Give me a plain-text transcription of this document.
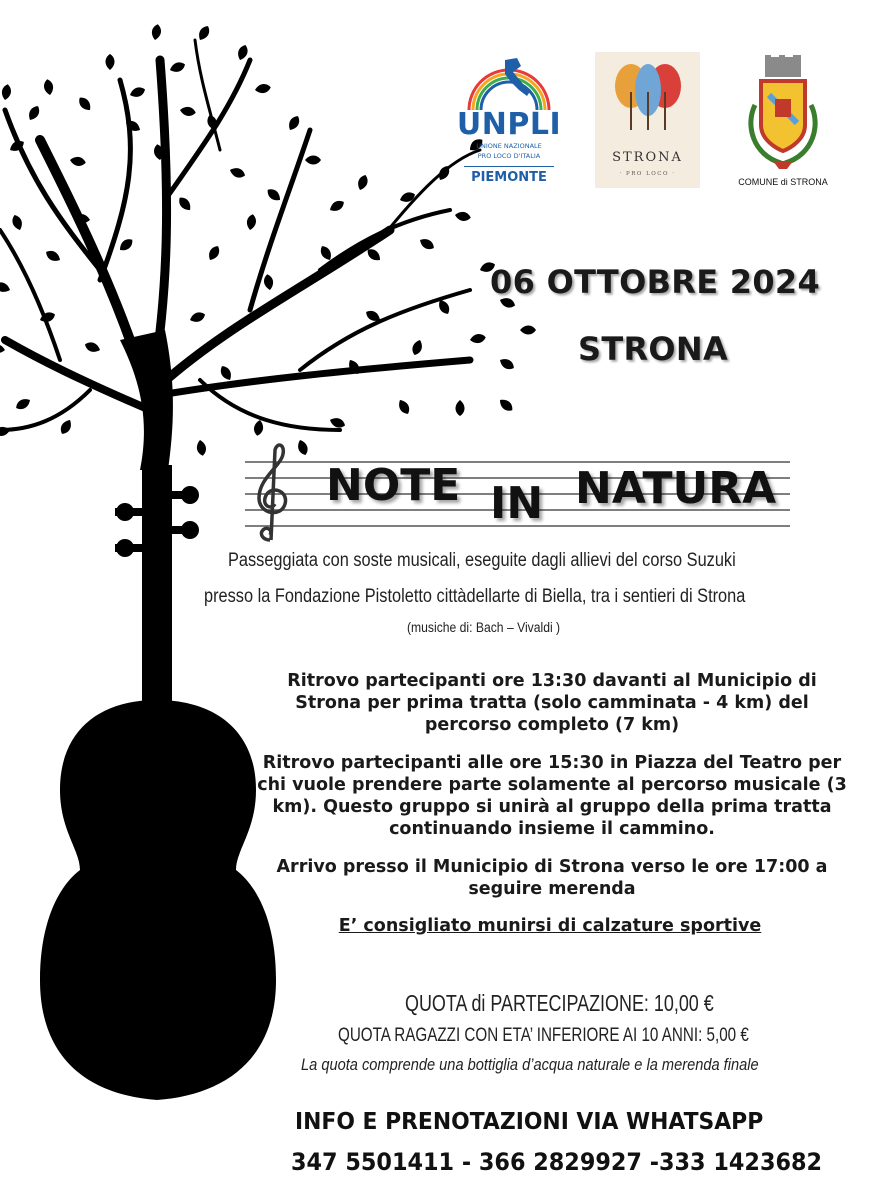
UNPLI
UNIONE NAZIONALE
PRO LOCO D'ITALIA
PIEMONTE
STRONA
· PRO LOCO ·
COMUNE di STRONA
06 OTTOBRE 2024
STRONA
NOTE IN NATURA
Passeggiata con soste musicali, eseguite dagli allievi del corso Suzuki
presso la Fondazione Pistoletto cittàdellarte di Biella, tra i sentieri di Strona
(musiche di: Bach – Vivaldi )
Ritrovo partecipanti ore 13:30 davanti al Municipio di Strona per prima tratta (solo camminata - 4 km) del percorso completo (7 km)
Ritrovo partecipanti alle ore 15:30 in Piazza del Teatro per chi vuole prendere parte solamente al percorso musicale (3 km). Questo gruppo si unirà al gruppo della prima tratta continuando insieme il cammino.
Arrivo presso il Municipio di Strona verso le ore 17:00 a seguire merenda
E’ consigliato munirsi di calzature sportive
QUOTA di PARTECIPAZIONE: 10,00 €
QUOTA RAGAZZI CON ETA’ INFERIORE AI 10 ANNI: 5,00 €
La quota comprende una bottiglia d’acqua naturale e la merenda finale
INFO E PRENOTAZIONI VIA WHATSAPP
347 5501411 - 366 2829927 -333 1423682
